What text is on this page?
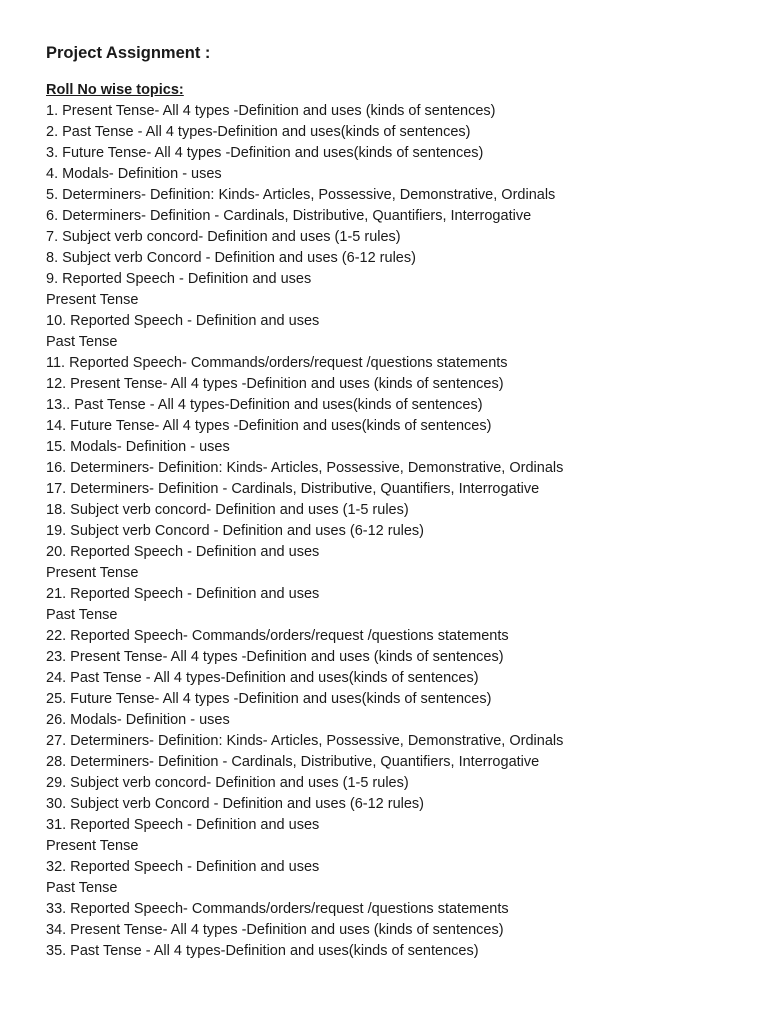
Project Assignment :
Roll No wise topics:
1. Present Tense- All 4 types -Definition and uses (kinds of sentences)
2. Past Tense - All 4 types-Definition and uses(kinds of sentences)
3. Future Tense- All 4 types -Definition and uses(kinds of sentences)
4. Modals- Definition - uses
5. Determiners- Definition: Kinds- Articles, Possessive, Demonstrative, Ordinals
6. Determiners- Definition - Cardinals, Distributive, Quantifiers, Interrogative
7. Subject verb concord- Definition and uses (1-5 rules)
8. Subject verb Concord - Definition and uses (6-12 rules)
9. Reported Speech - Definition and uses
Present Tense
10. Reported Speech - Definition and uses
Past Tense
11. Reported Speech- Commands/orders/request /questions statements
12. Present Tense- All 4 types -Definition and uses (kinds of sentences)
13.. Past Tense - All 4 types-Definition and uses(kinds of sentences)
14. Future Tense- All 4 types -Definition and uses(kinds of sentences)
15. Modals- Definition - uses
16. Determiners- Definition: Kinds- Articles, Possessive, Demonstrative, Ordinals
17. Determiners- Definition - Cardinals, Distributive, Quantifiers, Interrogative
18. Subject verb concord- Definition and uses (1-5 rules)
19. Subject verb Concord - Definition and uses (6-12 rules)
20. Reported Speech - Definition and uses
Present Tense
21. Reported Speech - Definition and uses
Past Tense
22. Reported Speech- Commands/orders/request /questions statements
23. Present Tense- All 4 types -Definition and uses (kinds of sentences)
24. Past Tense - All 4 types-Definition and uses(kinds of sentences)
25. Future Tense- All 4 types -Definition and uses(kinds of sentences)
26. Modals- Definition - uses
27. Determiners- Definition: Kinds- Articles, Possessive, Demonstrative, Ordinals
28. Determiners- Definition - Cardinals, Distributive, Quantifiers, Interrogative
29. Subject verb concord- Definition and uses (1-5 rules)
30. Subject verb Concord - Definition and uses (6-12 rules)
31. Reported Speech - Definition and uses
Present Tense
32. Reported Speech - Definition and uses
Past Tense
33. Reported Speech- Commands/orders/request /questions statements
34. Present Tense- All 4 types -Definition and uses (kinds of sentences)
35. Past Tense - All 4 types-Definition and uses(kinds of sentences)
